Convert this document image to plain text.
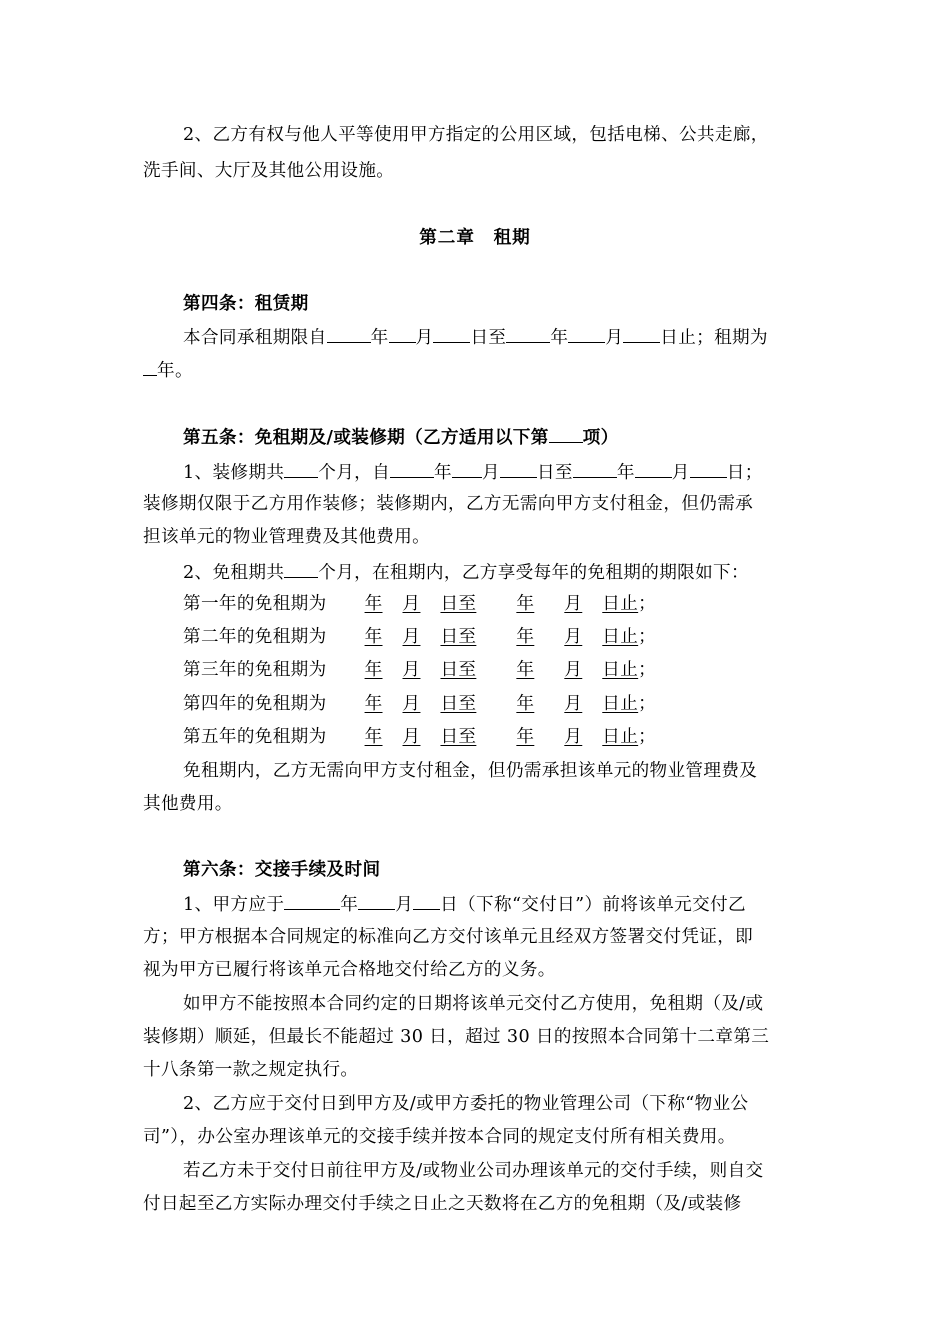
2、乙方有权与他人平等使用甲方指定的公用区域，包括电梯、公共走廊，
洗手间、大厅及其他公用设施。
第二章　租期
第四条：租赁期
本合同承租期限自	年 月 日至	年 月 日止；租期为
年。
第五条：免租期及/或装修期（乙方适用以下第 项）
1、装修期共 个月，自	年 月 日至	年 月 日；
装修期仅限于乙方用作装修；装修期内，乙方无需向甲方支付租金，但仍需承
担该单元的物业管理费及其他费用。
2、免租期共 个月，在租期内，乙方享受每年的免租期的期限如下：
第一年的免租期为 年 月 日至 年 月 日止；
第二年的免租期为 年 月 日至 年 月 日止；
第三年的免租期为 年 月 日至 年 月 日止；
第四年的免租期为 年 月 日至 年 月 日止；
第五年的免租期为 年 月 日至 年 月 日止；
免租期内，乙方无需向甲方支付租金，但仍需承担该单元的物业管理费及
其他费用。
第六条：交接手续及时间
1、甲方应于	年 月 日（下称“交付日”）前将该单元交付乙
方；甲方根据本合同规定的标准向乙方交付该单元且经双方签署交付凭证，即
视为甲方已履行将该单元合格地交付给乙方的义务。
如甲方不能按照本合同约定的日期将该单元交付乙方使用，免租期（及/或
装修期）顺延，但最长不能超过 30 日，超过 30 日的按照本合同第十二章第三
十八条第一款之规定执行。
2、乙方应于交付日到甲方及/或甲方委托的物业管理公司（下称“物业公
司”），办公室办理该单元的交接手续并按本合同的规定支付所有相关费用。
若乙方未于交付日前往甲方及/或物业公司办理该单元的交付手续，则自交
付日起至乙方实际办理交付手续之日止之天数将在乙方的免租期（及/或装修
